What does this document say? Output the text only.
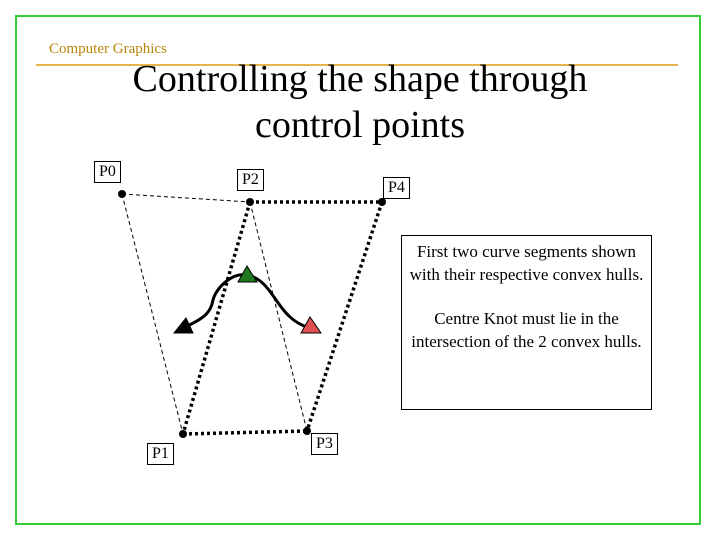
Computer Graphics
Controlling the shape through control points
P0	P2	P4
P1
P3

First two curve segments shown with their respective convex hulls.

Centre Knot must lie in the intersection of the 2 convex hulls.
